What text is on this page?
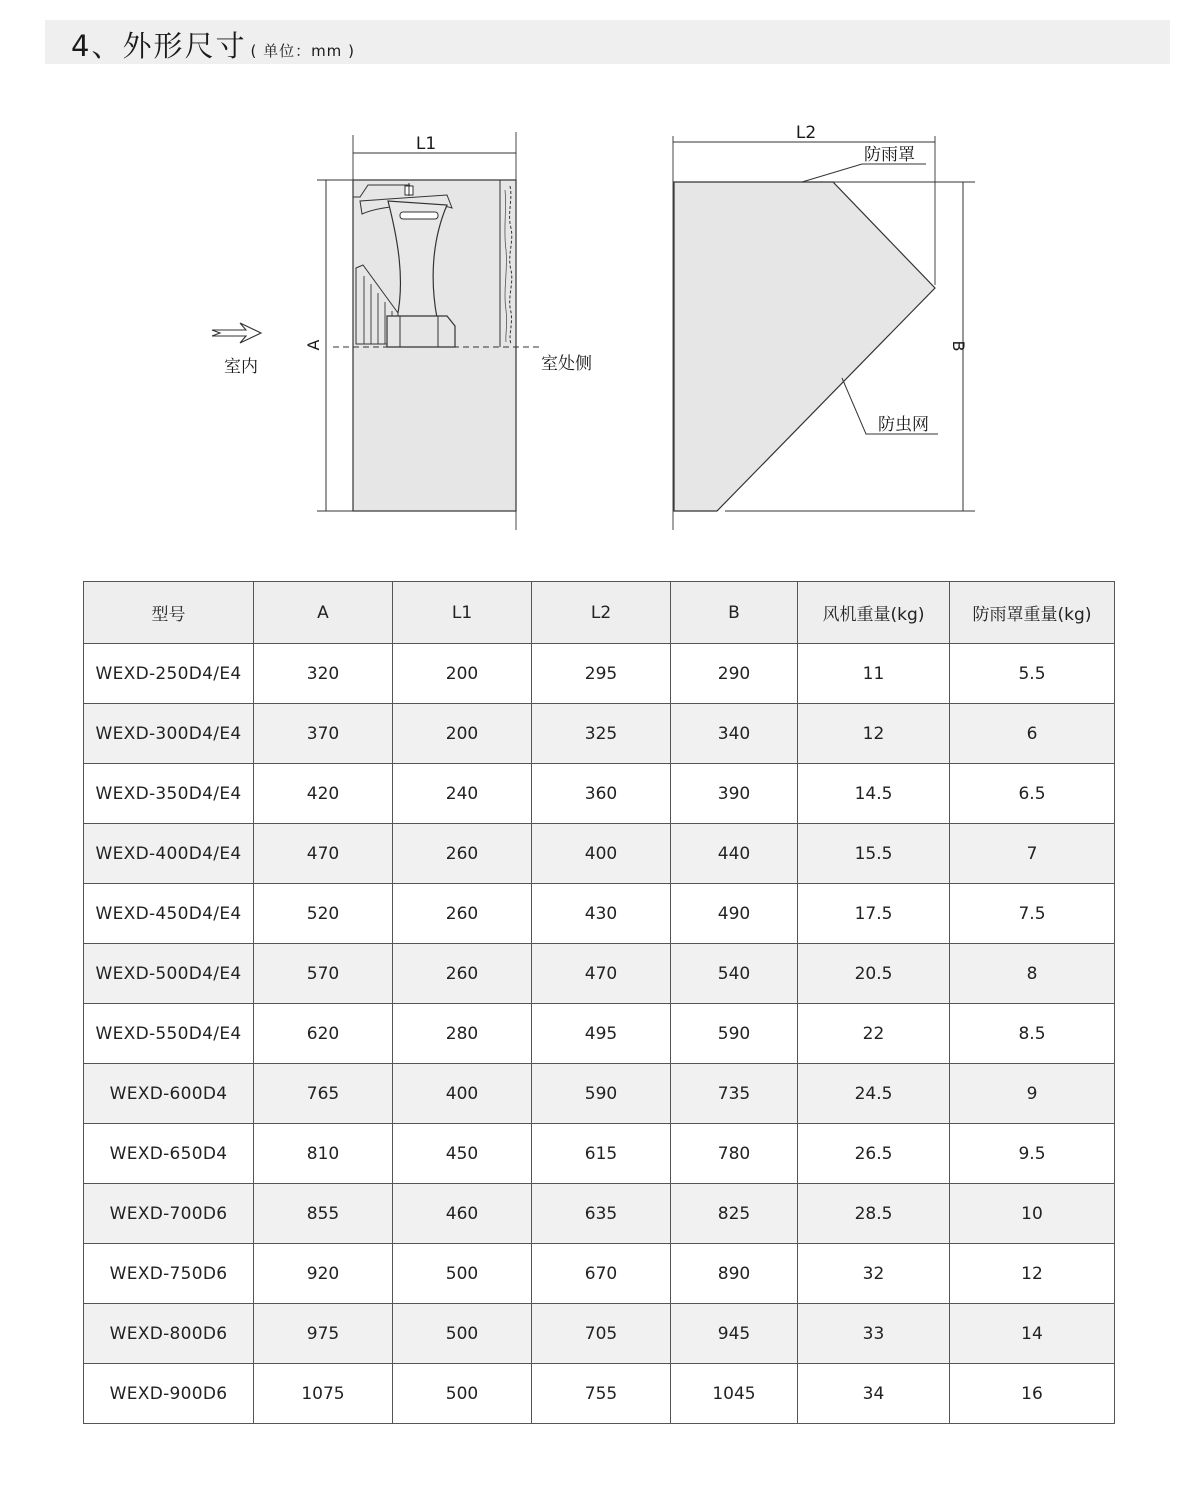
4、外形尺寸 ( 单位：mm )
L1
A
室内	室处侧
L2
B
防雨罩
防虫网
型号	A	L1	L2	B	风机重量(kg)	防雨罩重量(kg)
WEXD-250D4/E4	320	200	295	290	11	5.5
WEXD-300D4/E4	370	200	325	340	12	6
WEXD-350D4/E4	420	240	360	390	14.5	6.5
WEXD-400D4/E4	470	260	400	440	15.5	7
WEXD-450D4/E4	520	260	430	490	17.5	7.5
WEXD-500D4/E4	570	260	470	540	20.5	8
WEXD-550D4/E4	620	280	495	590	22	8.5
WEXD-600D4	765	400	590	735	24.5	9
WEXD-650D4	810	450	615	780	26.5	9.5
WEXD-700D6	855	460	635	825	28.5	10
WEXD-750D6	920	500	670	890	32	12
WEXD-800D6	975	500	705	945	33	14
WEXD-900D6	1075	500	755	1045	34	16
